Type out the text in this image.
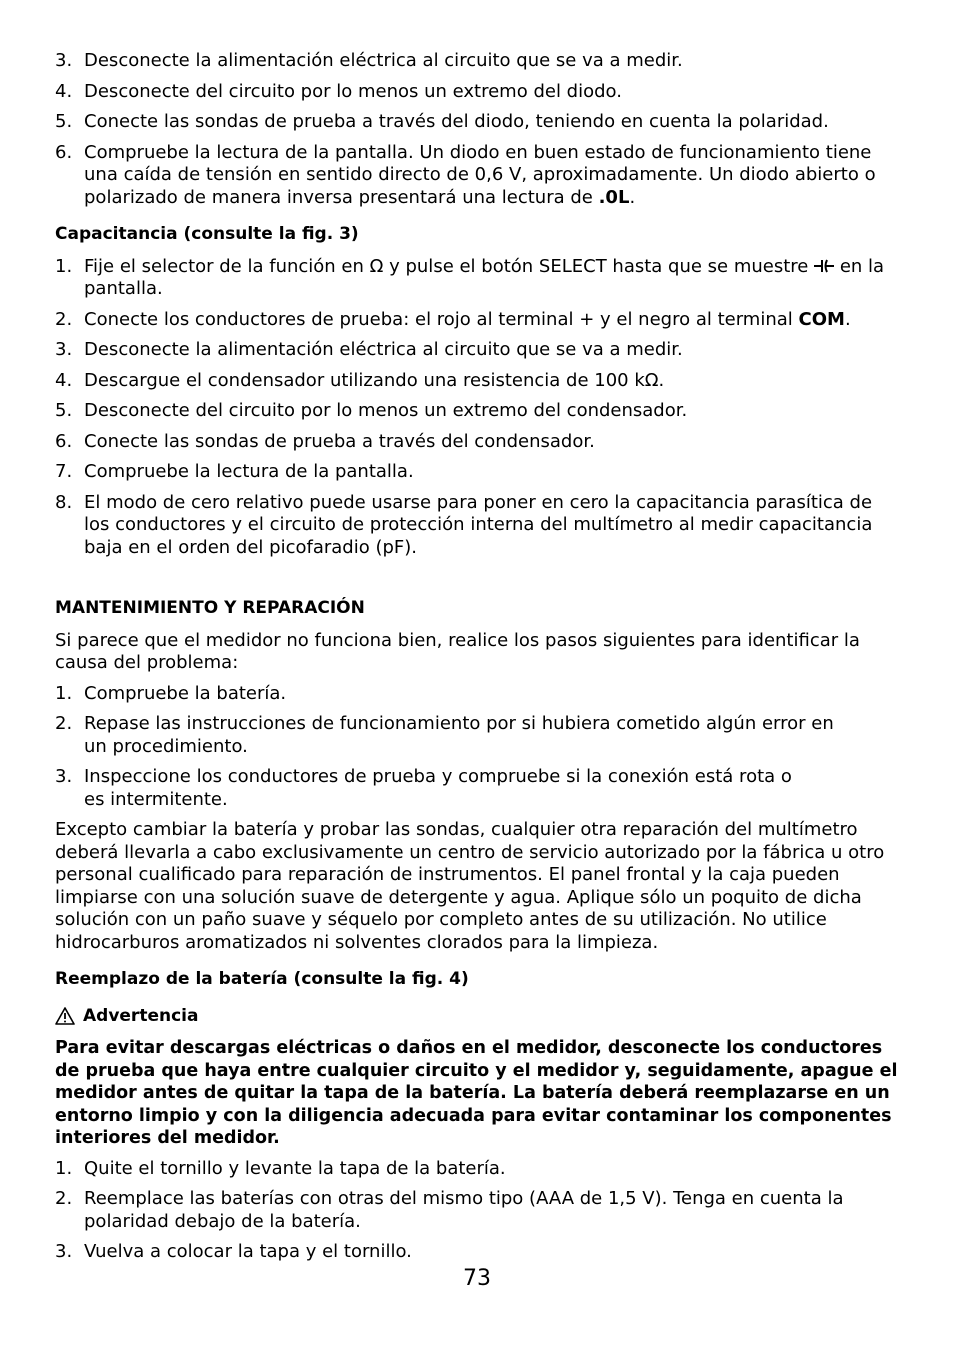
3. Desconecte la alimentación eléctrica al circuito que se va a medir.
4. Desconecte del circuito por lo menos un extremo del diodo.
5. Conecte las sondas de prueba a través del diodo, teniendo en cuenta la polaridad.
6. Compruebe la lectura de la pantalla. Un diodo en buen estado de funcionamiento tiene una caída de tensión en sentido directo de 0,6 V, aproximadamente. Un diodo abierto o polarizado de manera inversa presentará una lectura de .0L.
Capacitancia (consulte la fig. 3)
1. Fije el selector de la función en Ω y pulse el botón SELECT hasta que se muestre  en la pantalla.
2. Conecte los conductores de prueba: el rojo al terminal + y el negro al terminal COM.
3. Desconecte la alimentación eléctrica al circuito que se va a medir.
4. Descargue el condensador utilizando una resistencia de 100 kΩ.
5. Desconecte del circuito por lo menos un extremo del condensador.
6. Conecte las sondas de prueba a través del condensador.
7. Compruebe la lectura de la pantalla.
8. El modo de cero relativo puede usarse para poner en cero la capacitancia parasítica de los conductores y el circuito de protección interna del multímetro al medir capacitancia baja en el orden del picofaradio (pF).
MANTENIMIENTO Y REPARACIÓN
Si parece que el medidor no funciona bien, realice los pasos siguientes para identificar la causa del problema:
1. Compruebe la batería.
2. Repase las instrucciones de funcionamiento por si hubiera cometido algún error en un procedimiento.
3. Inspeccione los conductores de prueba y compruebe si la conexión está rota o es intermitente.
Excepto cambiar la batería y probar las sondas, cualquier otra reparación del multímetro deberá llevarla a cabo exclusivamente un centro de servicio autorizado por la fábrica u otro personal cualificado para reparación de instrumentos. El panel frontal y la caja pueden limpiarse con una solución suave de detergente y agua. Aplique sólo un poquito de dicha solución con un paño suave y séquelo por completo antes de su utilización. No utilice hidrocarburos aromatizados ni solventes clorados para la limpieza.
Reemplazo de la batería (consulte la fig. 4)
Advertencia
Para evitar descargas eléctricas o daños en el medidor, desconecte los conductores de prueba que haya entre cualquier circuito y el medidor y, seguidamente, apague el medidor antes de quitar la tapa de la batería. La batería deberá reemplazarse en un entorno limpio y con la diligencia adecuada para evitar contaminar los componentes interiores del medidor.
1. Quite el tornillo y levante la tapa de la batería.
2. Reemplace las baterías con otras del mismo tipo (AAA de 1,5 V). Tenga en cuenta la polaridad debajo de la batería.
3. Vuelva a colocar la tapa y el tornillo.
73
